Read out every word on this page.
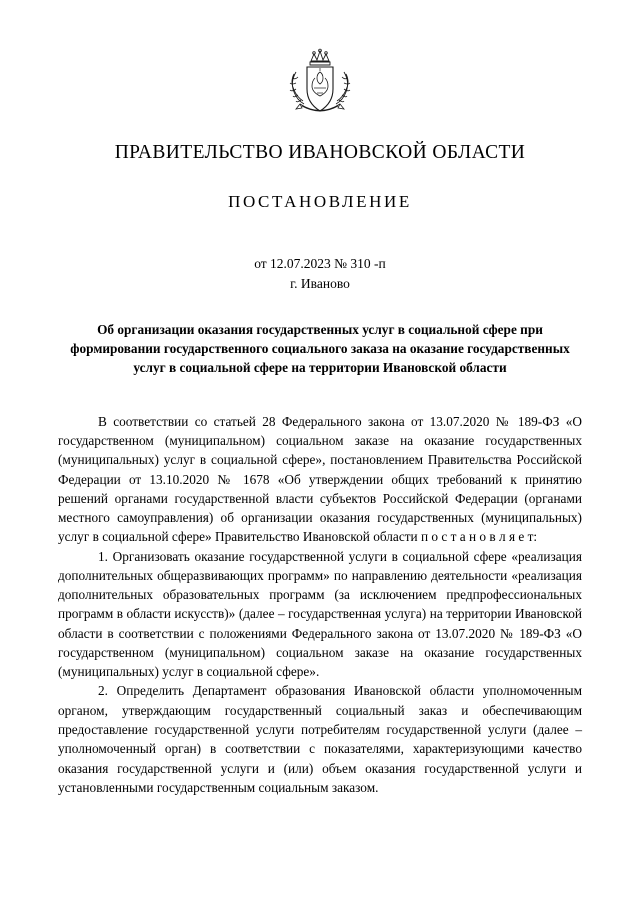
ПРАВИТЕЛЬСТВО ИВАНОВСКОЙ ОБЛАСТИ
ПОСТАНОВЛЕНИЕ
от 12.07.2023 № 310 -п
г. Иваново
Об организации оказания государственных услуг в социальной сфере при формировании государственного социального заказа на оказание государственных услуг в социальной сфере на территории Ивановской области

В соответствии со статьей 28 Федерального закона от 13.07.2020 № 189-ФЗ «О государственном (муниципальном) социальном заказе на оказание государственных (муниципальных) услуг в социальной сфере», постановлением Правительства Российской Федерации от 13.10.2020 № 1678 «Об утверждении общих требований к принятию решений органами государственной власти субъектов Российской Федерации (органами местного самоуправления) об организации оказания государственных (муниципальных) услуг в социальной сфере» Правительство Ивановской области п о с т а н о в л я е т:

1. Организовать оказание государственной услуги в социальной сфере «реализация дополнительных общеразвивающих программ» по направлению деятельности «реализация дополнительных образовательных программ (за исключением предпрофессиональных программ в области искусств)» (далее – государственная услуга) на территории Ивановской области в соответствии с положениями Федерального закона от 13.07.2020 № 189-ФЗ «О государственном (муниципальном) социальном заказе на оказание государственных (муниципальных) услуг в социальной сфере».

2. Определить Департамент образования Ивановской области уполномоченным органом, утверждающим государственный социальный заказ и обеспечивающим предоставление государственной услуги потребителям государственной услуги (далее – уполномоченный орган) в соответствии с показателями, характеризующими качество оказания государственной услуги и (или) объем оказания государственной услуги и установленными государственным социальным заказом.
